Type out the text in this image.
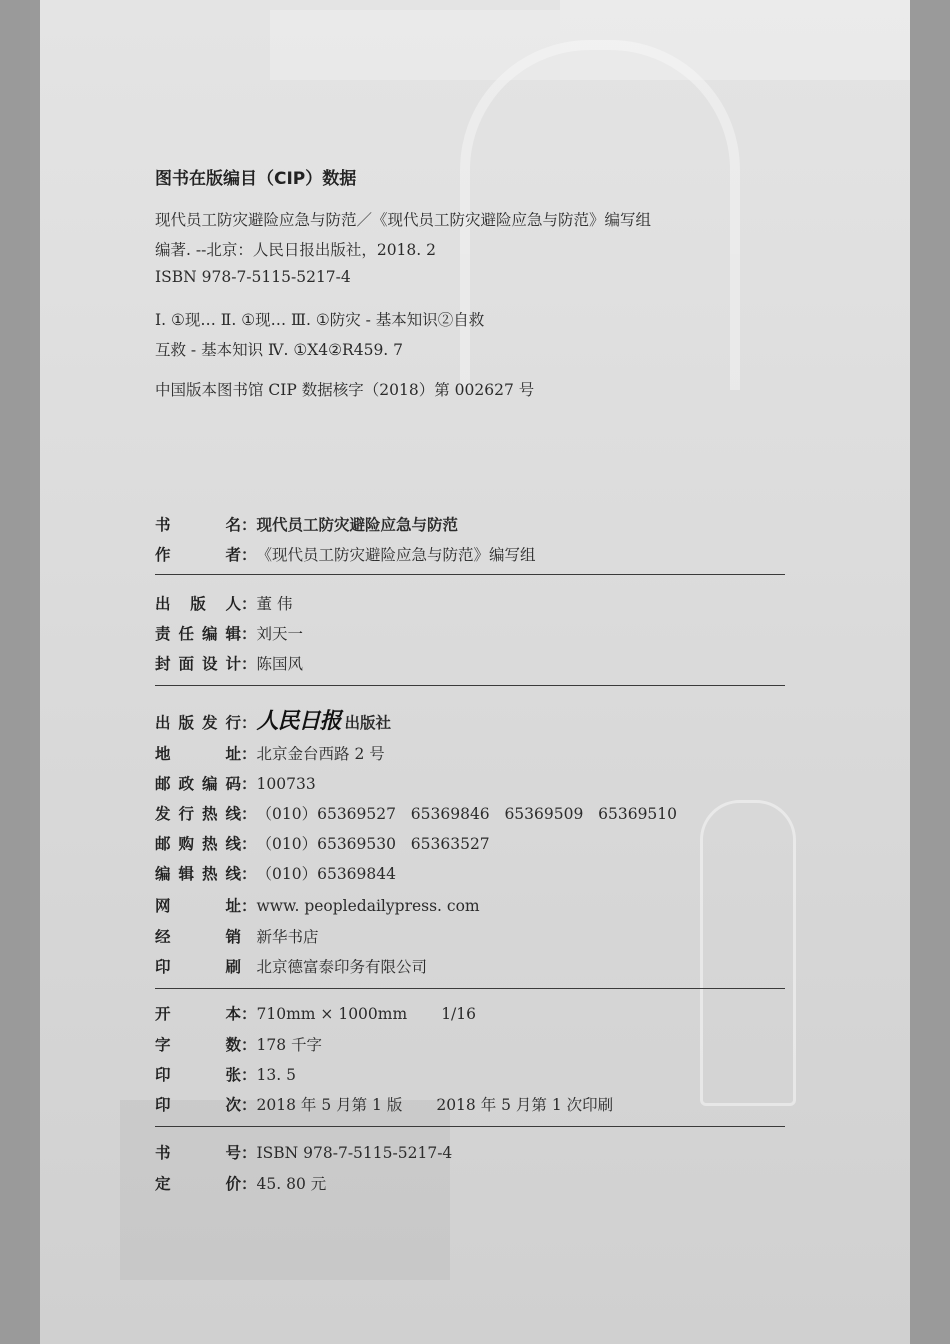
图书在版编目（CIP）数据
现代员工防灾避险应急与防范／《现代员工防灾避险应急与防范》编写组
编著. --北京：人民日报出版社，2018. 2
ISBN 978-7-5115-5217-4
Ⅰ. ①现… Ⅱ. ①现… Ⅲ. ①防灾 - 基本知识②自救
互救 - 基本知识 Ⅳ. ①X4②R459. 7
中国版本图书馆 CIP 数据核字（2018）第 002627 号
书 名 ： 现代员工防灾避险应急与防范
作 者 ： 《现代员工防灾避险应急与防范》编写组
出版人 ： 董 伟
责任编辑 ： 刘天一
封面设计 ： 陈国风
出版发行 ： 人民日报 出版社
地 址 ： 北京金台西路 2 号
邮政编码 ： 100733
发行热线 ： （010）65369527   65369846   65369509   65369510
邮购热线 ： （010）65369530   65363527
编辑热线 ： （010）65369844
网 址 ： www. peopledailypress. com
经 销 新华书店
印 刷 北京德富泰印务有限公司
开 本 ： 710mm × 1000mm 1/16
字 数 ： 178 千字
印 张 ： 13. 5
印 次 ： 2018 年 5 月第 1 版 2018 年 5 月第 1 次印刷
书 号 ： ISBN 978-7-5115-5217-4
定 价 ： 45. 80 元
